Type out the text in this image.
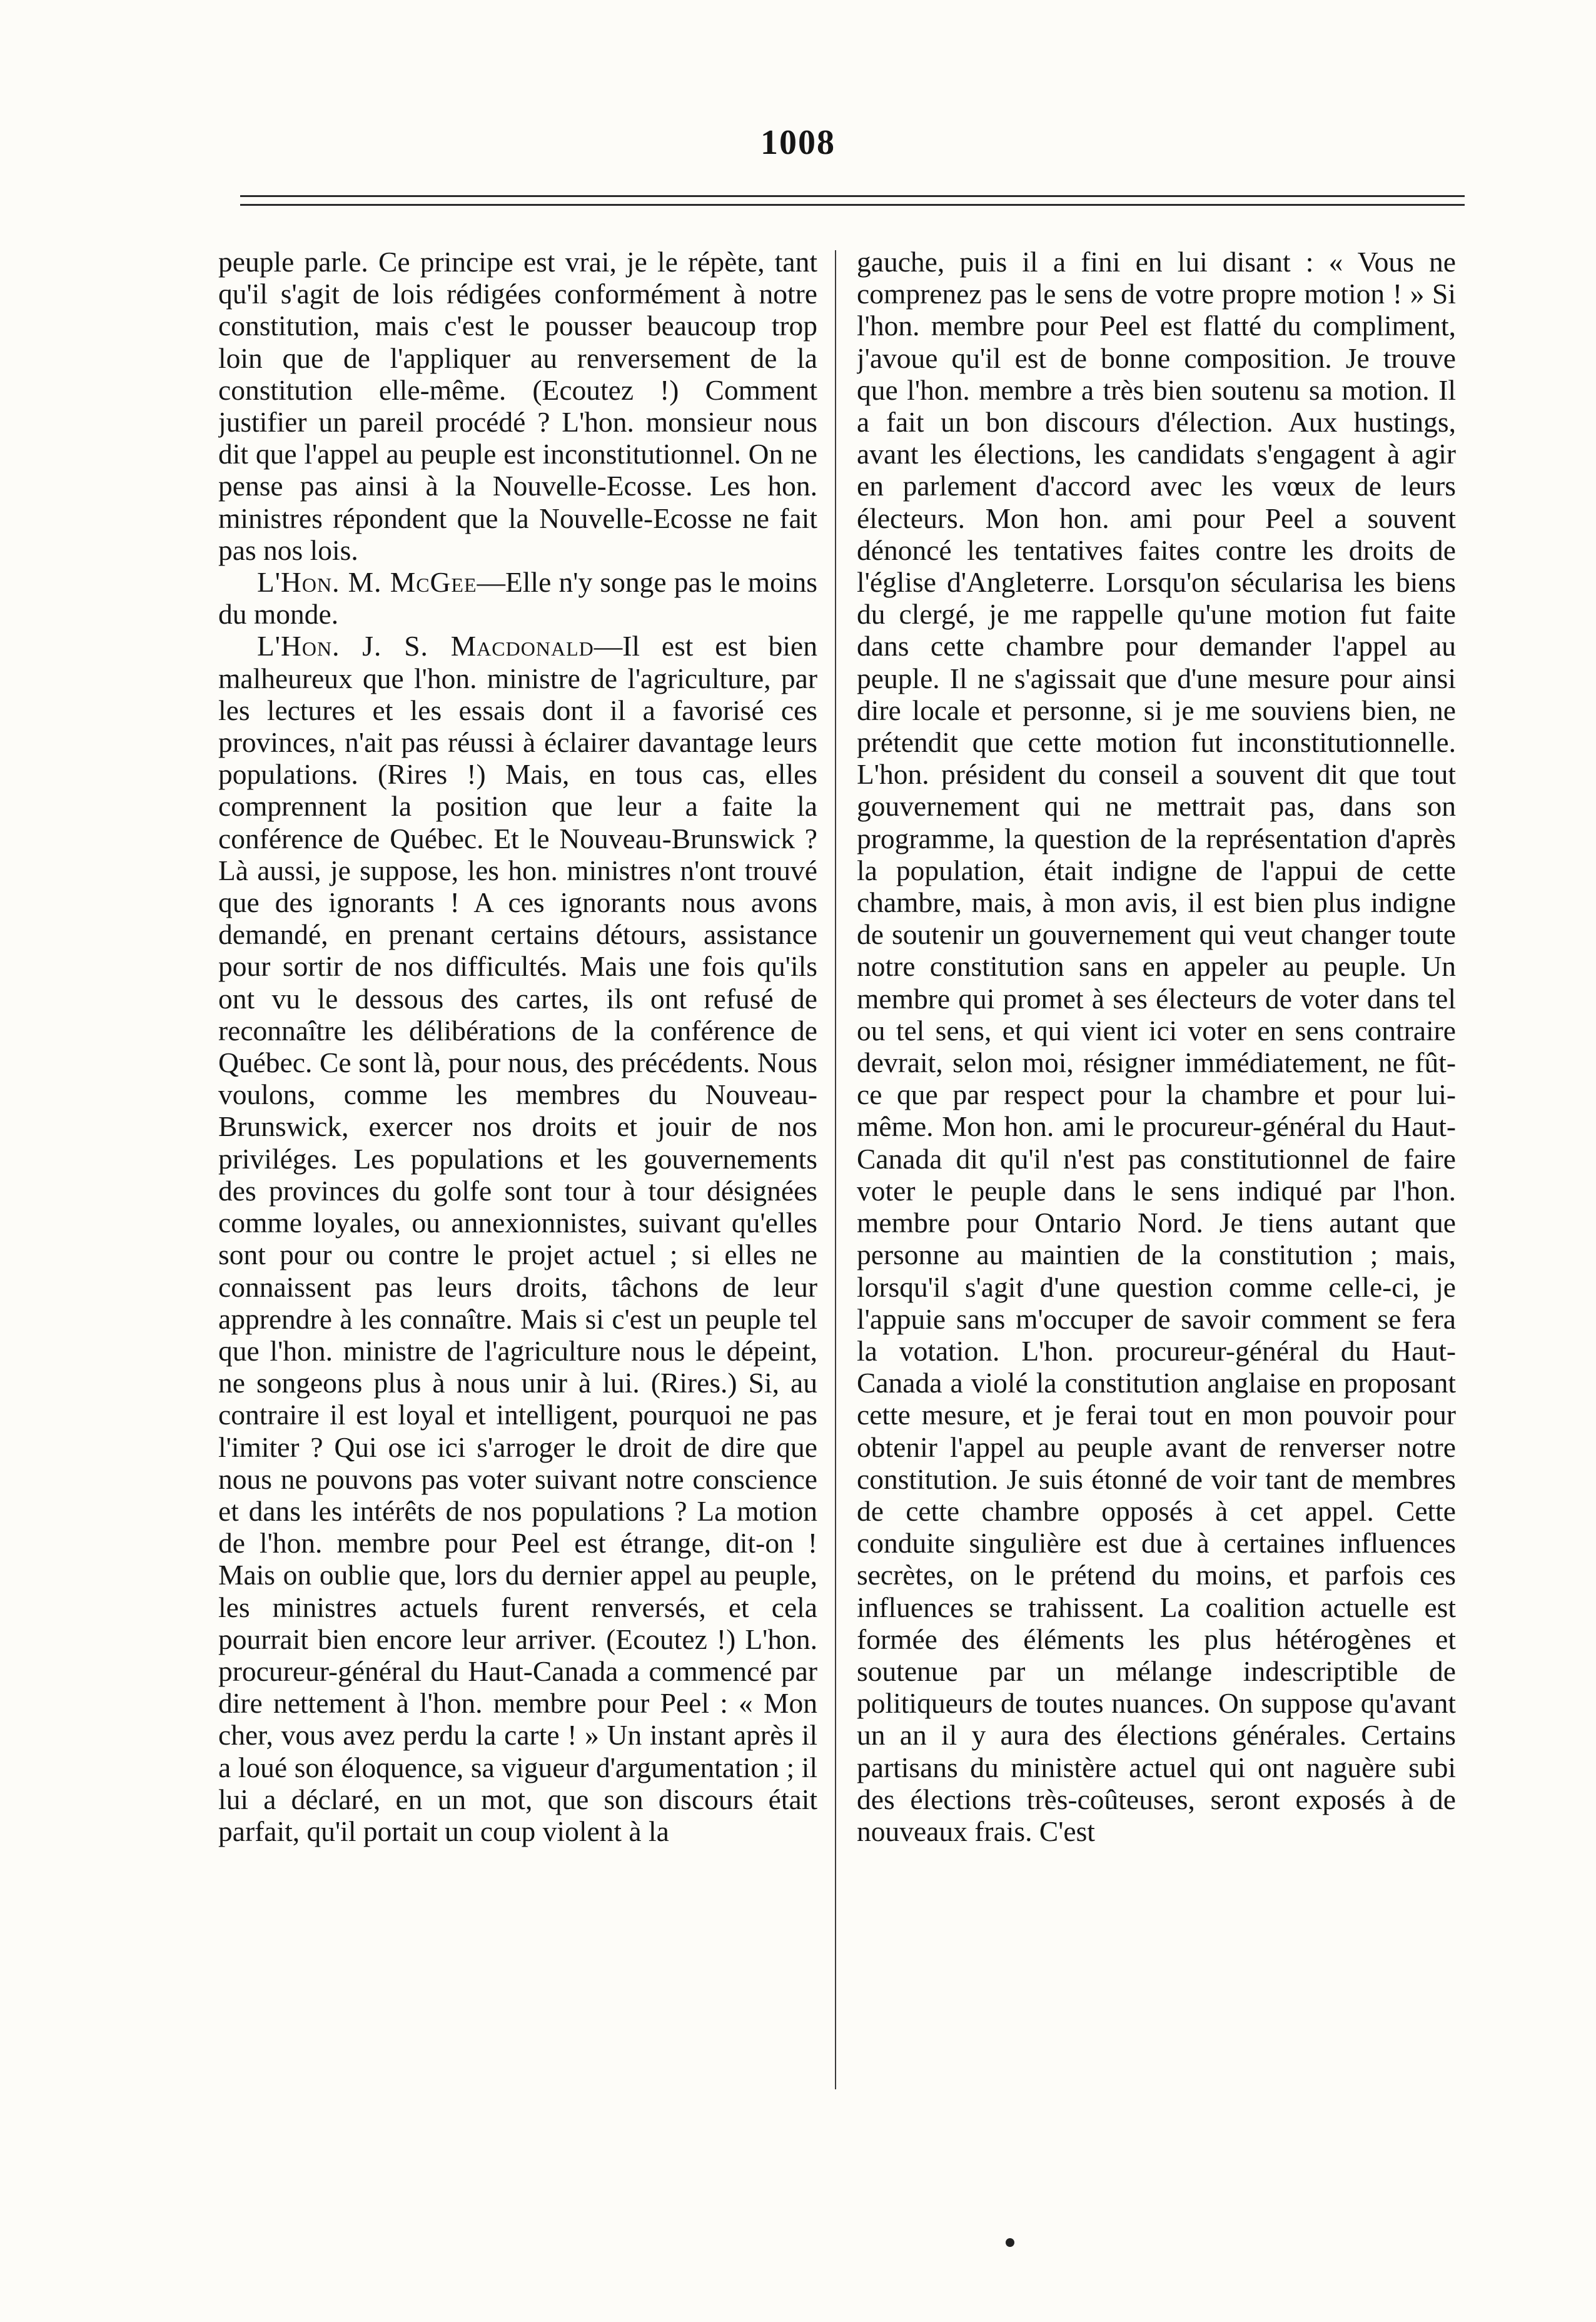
1008

peuple parle. Ce principe est vrai, je le répète, tant qu'il s'agit de lois rédigées conformément à notre constitution, mais c'est le pousser beaucoup trop loin que de l'appliquer au renversement de la constitution elle-même. (Ecoutez !) Comment justifier un pareil procédé ? L'hon. monsieur nous dit que l'appel au peuple est inconstitutionnel. On ne pense pas ainsi à la Nouvelle-Ecosse. Les hon. ministres répondent que la Nouvelle-Ecosse ne fait pas nos lois.

L'Hon. M. McGee—Elle n'y songe pas le moins du monde.

L'Hon. J. S. Macdonald—Il est est bien malheureux que l'hon. ministre de l'agriculture, par les lectures et les essais dont il a favorisé ces provinces, n'ait pas réussi à éclairer davantage leurs populations. (Rires !) Mais, en tous cas, elles comprennent la position que leur a faite la conférence de Québec. Et le Nouveau-Brunswick ? Là aussi, je suppose, les hon. ministres n'ont trouvé que des ignorants ! A ces ignorants nous avons demandé, en prenant certains détours, assistance pour sortir de nos difficultés. Mais une fois qu'ils ont vu le dessous des cartes, ils ont refusé de reconnaître les délibérations de la conférence de Québec. Ce sont là, pour nous, des précédents. Nous voulons, comme les membres du Nouveau-Brunswick, exercer nos droits et jouir de nos priviléges. Les populations et les gouvernements des provinces du golfe sont tour à tour désignées comme loyales, ou annexionnistes, suivant qu'elles sont pour ou contre le projet actuel ; si elles ne connaissent pas leurs droits, tâchons de leur apprendre à les connaître. Mais si c'est un peuple tel que l'hon. ministre de l'agriculture nous le dépeint, ne songeons plus à nous unir à lui. (Rires.) Si, au contraire il est loyal et intelligent, pourquoi ne pas l'imiter ? Qui ose ici s'arroger le droit de dire que nous ne pouvons pas voter suivant notre conscience et dans les intérêts de nos populations ? La motion de l'hon. membre pour Peel est étrange, dit-on ! Mais on oublie que, lors du dernier appel au peuple, les ministres actuels furent renversés, et cela pourrait bien encore leur arriver. (Ecoutez !) L'hon. procureur-général du Haut-Canada a commencé par dire nettement à l'hon. membre pour Peel : « Mon cher, vous avez perdu la carte ! » Un instant après il a loué son éloquence, sa vigueur d'argumentation ; il lui a déclaré, en un mot, que son discours était parfait, qu'il portait un coup violent à la

gauche, puis il a fini en lui disant : « Vous ne comprenez pas le sens de votre propre motion ! » Si l'hon. membre pour Peel est flatté du compliment, j'avoue qu'il est de bonne composition. Je trouve que l'hon. membre a très bien soutenu sa motion. Il a fait un bon discours d'élection. Aux hustings, avant les élections, les candidats s'engagent à agir en parlement d'accord avec les vœux de leurs électeurs. Mon hon. ami pour Peel a souvent dénoncé les tentatives faites contre les droits de l'église d'Angleterre. Lorsqu'on sécularisa les biens du clergé, je me rappelle qu'une motion fut faite dans cette chambre pour demander l'appel au peuple. Il ne s'agissait que d'une mesure pour ainsi dire locale et personne, si je me souviens bien, ne prétendit que cette motion fut inconstitutionnelle. L'hon. président du conseil a souvent dit que tout gouvernement qui ne mettrait pas, dans son programme, la question de la représentation d'après la population, était indigne de l'appui de cette chambre, mais, à mon avis, il est bien plus indigne de soutenir un gouvernement qui veut changer toute notre constitution sans en appeler au peuple. Un membre qui promet à ses électeurs de voter dans tel ou tel sens, et qui vient ici voter en sens contraire devrait, selon moi, résigner immédiatement, ne fût-ce que par respect pour la chambre et pour lui-même. Mon hon. ami le procureur-général du Haut-Canada dit qu'il n'est pas constitutionnel de faire voter le peuple dans le sens indiqué par l'hon. membre pour Ontario Nord. Je tiens autant que personne au maintien de la constitution ; mais, lorsqu'il s'agit d'une question comme celle-ci, je l'appuie sans m'occuper de savoir comment se fera la votation. L'hon. procureur-général du Haut-Canada a violé la constitution anglaise en proposant cette mesure, et je ferai tout en mon pouvoir pour obtenir l'appel au peuple avant de renverser notre constitution. Je suis étonné de voir tant de membres de cette chambre opposés à cet appel. Cette conduite singulière est due à certaines influences secrètes, on le prétend du moins, et parfois ces influences se trahissent. La coalition actuelle est formée des éléments les plus hétérogènes et soutenue par un mélange indescriptible de politiqueurs de toutes nuances. On suppose qu'avant un an il y aura des élections générales. Certains partisans du ministère actuel qui ont naguère subi des élections très-coûteuses, seront exposés à de nouveaux frais. C'est
